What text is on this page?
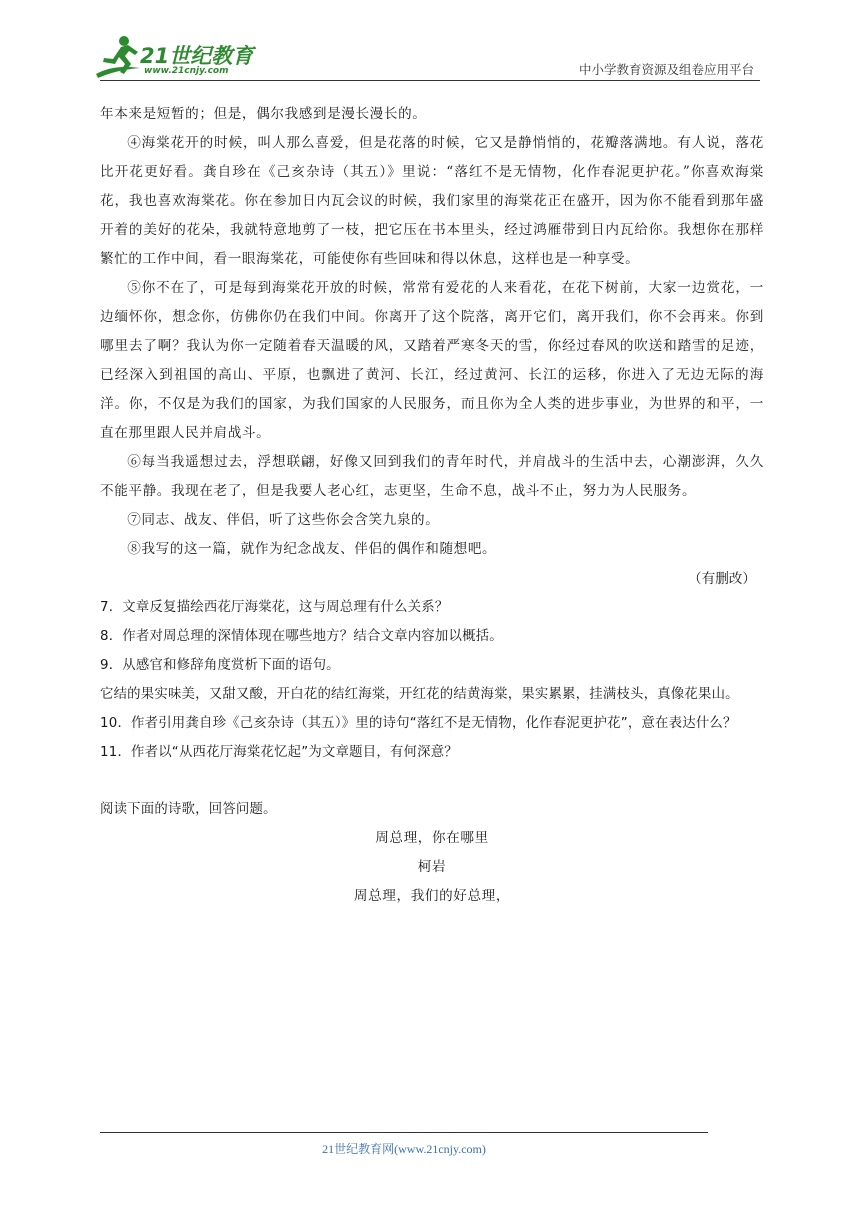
21世纪教育
www.21cnjy.com	中小学教育资源及组卷应用平台

年本来是短暂的；但是，偶尔我感到是漫长漫长的。

④海棠花开的时候，叫人那么喜爱，但是花落的时候，它又是静悄悄的，花瓣落满地。有人说，落花比开花更好看。龚自珍在《己亥杂诗（其五）》里说：“落红不是无情物，化作春泥更护花。”你喜欢海棠花，我也喜欢海棠花。你在参加日内瓦会议的时候，我们家里的海棠花正在盛开，因为你不能看到那年盛开着的美好的花朵，我就特意地剪了一枝，把它压在书本里头，经过鸿雁带到日内瓦给你。我想你在那样繁忙的工作中间，看一眼海棠花，可能使你有些回味和得以休息，这样也是一种享受。

⑤你不在了，可是每到海棠花开放的时候，常常有爱花的人来看花，在花下树前，大家一边赏花，一边缅怀你，想念你，仿佛你仍在我们中间。你离开了这个院落，离开它们，离开我们，你不会再来。你到哪里去了啊？我认为你一定随着春天温暖的风，又踏着严寒冬天的雪，你经过春风的吹送和踏雪的足迹，已经深入到祖国的高山、平原，也飘进了黄河、长江，经过黄河、长江的运移，你进入了无边无际的海洋。你，不仅是为我们的国家，为我们国家的人民服务，而且你为全人类的进步事业，为世界的和平，一直在那里跟人民并肩战斗。

⑥每当我遥想过去，浮想联翩，好像又回到我们的青年时代，并肩战斗的生活中去，心潮澎湃，久久不能平静。我现在老了，但是我要人老心红，志更坚，生命不息，战斗不止，努力为人民服务。

⑦同志、战友、伴侣，听了这些你会含笑九泉的。

⑧我写的这一篇，就作为纪念战友、伴侣的偶作和随想吧。

（有删改）

7．文章反复描绘西花厅海棠花，这与周总理有什么关系？

8．作者对周总理的深情体现在哪些地方？结合文章内容加以概括。

9．从感官和修辞角度赏析下面的语句。

它结的果实味美，又甜又酸，开白花的结红海棠，开红花的结黄海棠，果实累累，挂满枝头，真像花果山。

10．作者引用龚自珍《己亥杂诗（其五）》里的诗句“落红不是无情物，化作春泥更护花”，意在表达什么？

11．作者以“从西花厅海棠花忆起”为文章题目，有何深意？

阅读下面的诗歌，回答问题。

周总理，你在哪里

柯岩

周总理，我们的好总理，

21世纪教育网(www.21cnjy.com)
